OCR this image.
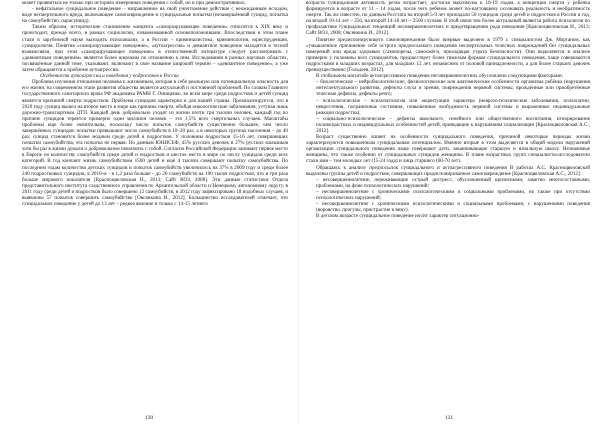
может проявиться не только при историях измерениях поведения с собой, но и при демонстративных;

- нефатальное суицидальное поведение – направленное на свой уничтожение действие с неожиданным исходом, виде несмертельного вреда, включающее самоповреждение и суицидальные попытки (незавершённый суицид, попытка на самоубийство, парасуицид).

Таким образом, исторические становление концепта «саморазрушающее поведение» относится к XIX веку и происходит, прежде всего, в рамках социологии, ознаменованной основоположниками. Впоследствии в этом плане стали в зарубежной науке выходить психоанализ, а в России – криминалистика, криминология, юриспруденция, суицидология. Понятия «саморазрушающее поведение», «аутоагрессия» и девиантное поведение находятся в тесной взаимосвязи, при этом «саморазрушающее поведение» в отечественной литературе следует рассматривать с «девиантным поведением» является более широким по отношению к ним. Исследования в разных научных областях, посвящённые данной теме, указывают, включают в свое название широкий термин – «девиантное поведение», а уже затем обращаются к проблеме аутоагрессии.

Особенности аутоагрессии и поведения у подростков в России

Проблема изучения отношения человека к жизненным, которая в себе реальную или потенциальную опасность для его жизни, на современном этапе развития общества является актуальной и постоянной проблемой. По словам Главного государственного санитарного врача РФ академика РАМН Г. Онищенко, во всем мире среди подростков и детей суицид является причиной смерти подростков. Проблема суицидов характерна и для нашей страны. Проанализируется, что в 2020 году суицид вышел на второе место в мире как причина смерти, обойдя онкологические заболевания, уступая лишь дорожно-транспортным ДТП. Каждый день добровольно уходят из жизни почти три тысячи человек, каждый год по причине суицидов теряется примерно один миллион человек – это 1,5% всех смертельных случаев. Масштабы проблемы еще более значительны, поскольку число попыток самоубийств существенно большее, чем число завершённых суицидов: попытки превышают число самоубийств в 10–20 раз, а в некоторых группах населения – до 40 раз; суицид становится более модным среди детей и подростков. У половины подростков 15-16 лет, совершивших попытки самоубийства, эта попытка не первая. По данным ЮНИСЕФ, 45% русских девочек и 27% русских мальчиков хотя бы раз в жизни думали о добровольном покончить с собой. Согласно Российской Федерации занимает первое место в Европе по количеству самоубийств среди детей и подростков и шестое место в мире по числу суицидов среди всех категорий. В год кончают жизнь самоубийством 1500 детей и ещё 4 тысячи совершают попытку самоубийства. По последним годам количество детских суицидов и попыток самоубийств увеличилось на 37% в 2009 году и среди более 240 подростковых суицидов, в 2010-м - в 1,2 раза больше - до 20 самоубийств на 100 тысяч подростков, что в три раза больше мирового показателя [Красноцвеловская Н., 2013; Сайт ВОЗ, 2008]. Эти данные статистики Отдела представительного института следственного управления по Архангельской области и Ненецкому автономному округу, в 2011 году среди детей и подростков было совершено 12 самоубийств, в 2012 году зафиксировано 18 подобных случаев, и выявлены 57 попыток совершить самоубийство [Овсянкина И., 2012]. Большинство исследователей отмечает, что суицидальное поведение у детей до 13 лет – редкое явление и только с 14-15 летнего

130

возраста суицидальная активность резко возрастает, достигая максимума к 16-19 годам, а концепция смерти у ребенка формируется в возрасте от 11 – 14 годам, после чего ребенок может по-настоящему осознавать реальность и необратимость смерти. Так же известно, по данным Росстата на второй 5-9 лет припадали 50 суицидов среди детей и подростков в России и год, на второй 10-14 лет – 250, на второй 14-18 лет – 2500 случаев. В этой связи тем более актуальный является работа психологов по профилактике суицидальных тенденций несовершеннолетних и предотвращению рода поведения [Красноцвеловская И., 2013; Сайт ВОЗ, 2008; Овсянкина И., 2012].

Понятие предиспонирующего самоповреждения было впервые выделено в 1979 г. специалистом Дж. Морганом, как «умышленное причинение себе острого предпосылкого поведения несмертельных телесных повреждений без суицидальных намерений или вреда здоровью (самопорезы, самоожёги, преходящая утрата безопасности). Они выделяются в анализе примерно у половины всех суицидентов, предшествует более тяжелым формам суицидального поведения, чаще совершаются подростками в младших возрастах, для младших 12 лет, независимо от половой принадлежности, а для более старших девочек преимущественно [Гольдеев, 2012].

В глобальном масштабе аутоагрессивное поведение несовершеннолетних обусловлено следующими факторами:

– биологические – нейробиологические, физиологические или анатомические особенности организма ребёнка (нарушения интеллектуального развития, дефекты слуха и зрения, повреждения нервной системы, врождённые или приобретённые телесные дефекты, дефекты речи);
– психологические – психопатология или акцентуации характера (неврозо-психические заболевания, психопатии, невростения, пограничные состояния, повышенные возбудимость нервной системы и выраженные индивидуальные реакции подростка);
– социально-психологические – дефекты школьного, семейного или общественного воспитания, игнорирование половозрастных и индивидуальных особенностей детей, приводящие к нарушениям социализации [Красноцвеловская А.С., 2012].

Возраст существенно влияет на особенности суицидального поведения, причиной некоторые периоды жизни характеризуются повышенным суицидальным потенциалом. Именно вторые в этом выделяется в общий модели нарушений организации суицидального поведения чаще совершают дети, заканчивающие старшую и начальную школу. Незначимые женщины, что также особенно от суицидальных суицидов женщины. В плане возрастных групп специалисты-исследователи стали ими – тем молодых лет (15-24 года) и лица старшего (60-70 лет).

Обращаясь к анализу предпосылок суицидального и аутоагрессивного поведения В работах А.С. Красноцвеловской выделены группы детей и подростков, совершающих предиспонированное самоповреждение [Красноцвеловская А.С., 2012]:

– несовершеннолетние, переживающие острый дистресс, обусловленный кризисными, заметно многосоставными, проблемами, на фоне психологических нарушений;
– несовершеннолетние с хроническими психологическими и социальными проблемами, но также при отсутствии психологических нарушений;
– несовершеннолетние с хроническими психологическими и социальными проблемами, с нарушениями поведения (воровство, прогулы, пристрастие к вину).

В детском возрасте суицидальное поведение носит характер ситуационно-

131
